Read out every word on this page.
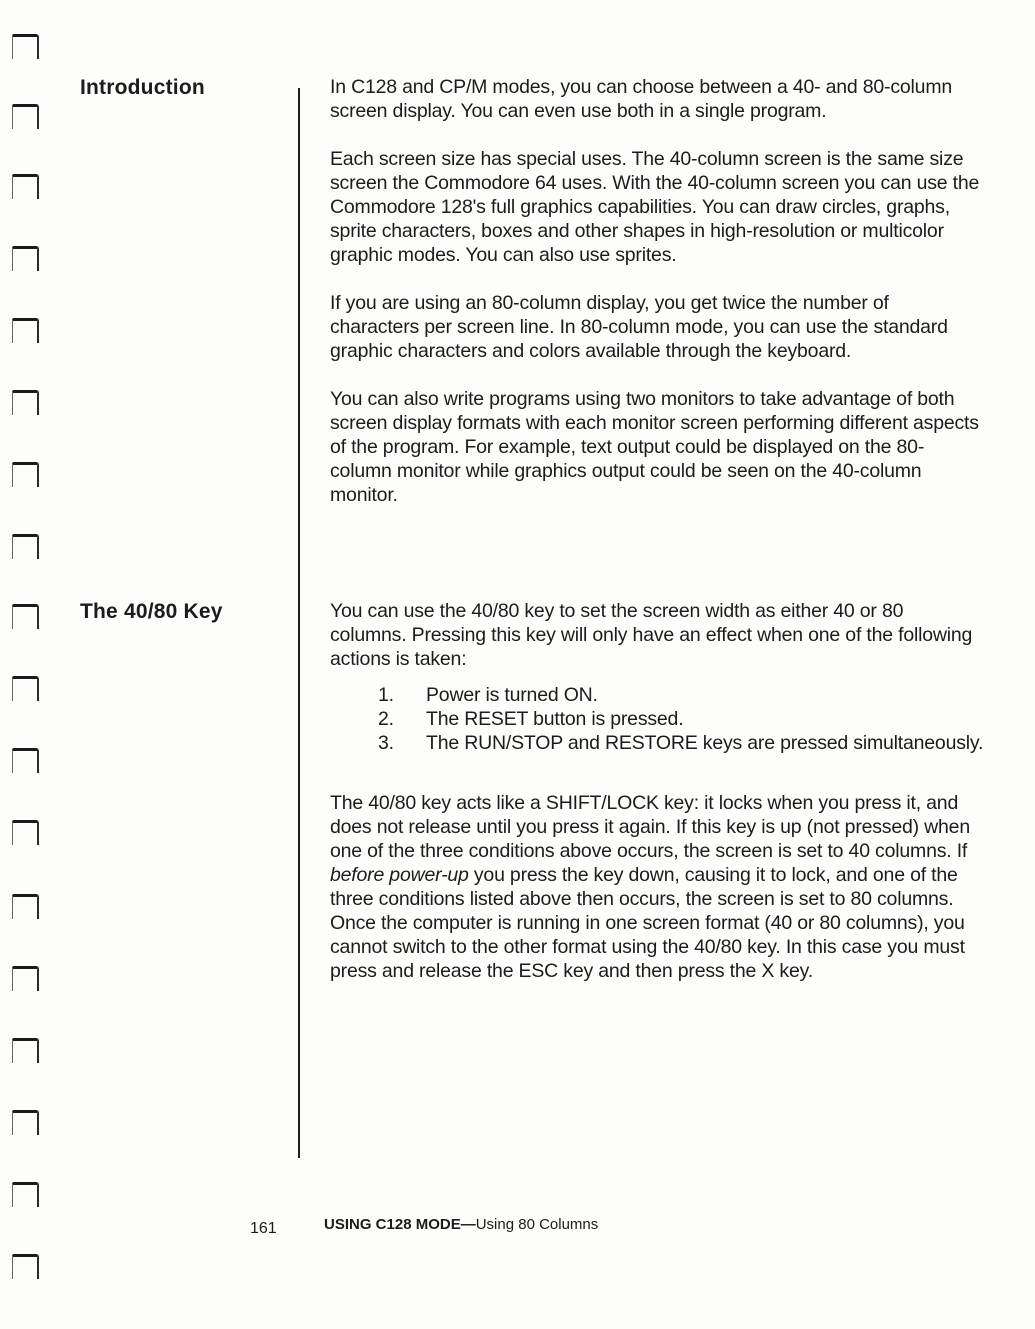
Introduction	In C128 and CP/M modes, you can choose between a 40- and 80-column screen display. You can even use both in a single program.

Each screen size has special uses. The 40-column screen is the same size screen the Commodore 64 uses. With the 40-column screen you can use the Commodore 128's full graphics capabilities. You can draw circles, graphs, sprite characters, boxes and other shapes in high-resolution or multicolor graphic modes. You can also use sprites.

If you are using an 80-column display, you get twice the number of characters per screen line. In 80-column mode, you can use the standard graphic characters and colors available through the keyboard.

You can also write programs using two monitors to take advantage of both screen display formats with each monitor screen performing different aspects of the program. For example, text output could be displayed on the 80-column monitor while graphics output could be seen on the 40-column monitor.

The 40/80 Key	You can use the 40/80 key to set the screen width as either 40 or 80 columns. Pressing this key will only have an effect when one of the following actions is taken:

1.	Power is turned ON.
2.	The RESET button is pressed.
3.	The RUN/STOP and RESTORE keys are pressed simultaneously.

The 40/80 key acts like a SHIFT/LOCK key: it locks when you press it, and does not release until you press it again. If this key is up (not pressed) when one of the three conditions above occurs, the screen is set to 40 columns. If before power-up you press the key down, causing it to lock, and one of the three conditions listed above then occurs, the screen is set to 80 columns. Once the computer is running in one screen format (40 or 80 columns), you cannot switch to the other format using the 40/80 key. In this case you must press and release the ESC key and then press the X key.

161	USING C128 MODE—Using 80 Columns
